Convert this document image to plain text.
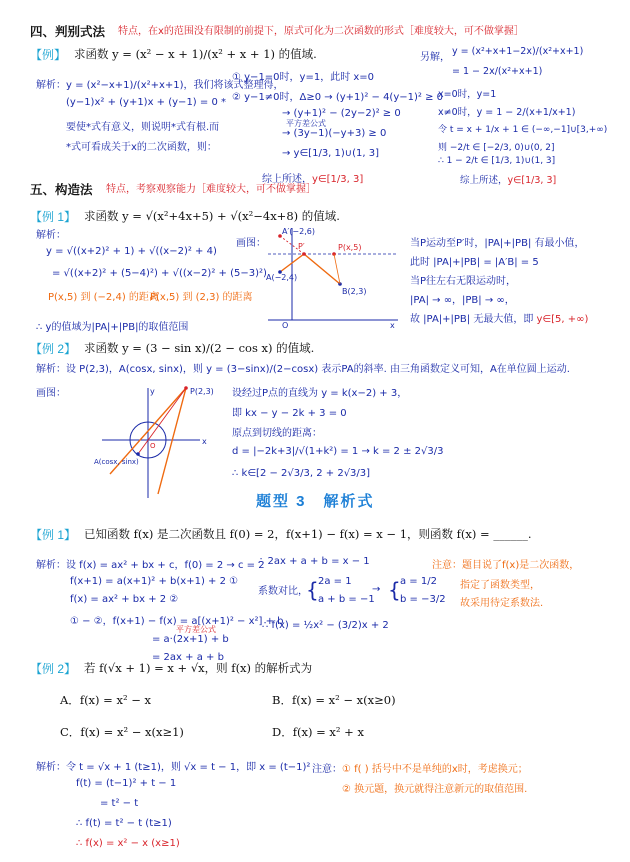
四、判别式法 特点，在x的范围没有限制的前提下，原式可化为二次函数的形式［难度较大，可不做掌握］
【例】 求函数 y = (x² − x + 1)/(x² + x + 1) 的值域.
解析：y = (x²−x+1)/(x²+x+1)，我们将该式整理得，
(y−1)x² + (y+1)x + (y−1) = 0 *
要使*式有意义，则说明*式有根.而
*式可看成关于x的二次函数，则：
① y−1=0时，y=1，此时 x=0
② y−1≠0时，Δ≥0 → (y+1)² − 4(y−1)² ≥ 0
→ (y+1)² − (2y−2)² ≥ 0
→ (3y−1)(−y+3) ≥ 0
→ y∈[1/3, 1)∪(1, 3]
平方差公式
综上所述，y∈[1/3, 3]
另解，
y = (x²+x+1−2x)/(x²+x+1)
= 1 − 2x/(x²+x+1)
x=0时，y=1
x≠0时，y = 1 − 2/(x+1/x+1)
令 t = x + 1/x + 1 ∈ (−∞,−1]∪[3,+∞)
则 −2/t ∈ [−2/3, 0)∪(0, 2]
∴ 1 − 2/t ∈ [1/3, 1)∪(1, 3]
综上所述，y∈[1/3, 3]
五、构造法 特点，考察观察能力［难度较大，可不做掌握］
【例 1】 求函数 y = √(x²+4x+5) + √(x²−4x+8) 的值域.
解析：
y = √((x+2)² + 1) + √((x−2)² + 4)
= √((x+2)² + (5−4)²) + √((x−2)² + (5−3)²)
P(x,5) 到 (−2,4) 的距离
P(x,5) 到 (2,3) 的距离
∴ y的值域为|PA|+|PB|的取值范围
画图：
A′(−2,6)
P′	P(x,5)
A(−2,4)
B(2,3)
O	x
当P运动至P′时，|PA|+|PB| 有最小值，
此时 |PA|+|PB| = |A′B| = 5
当P往左右无限运动时，
|PA| → ∞，|PB| → ∞，
故 |PA|+|PB| 无最大值，即 y∈[5, +∞)
【例 2】 求函数 y = (3 − sin x)/(2 − cos x) 的值域.
解析：设 P(2,3)，A(cosx, sinx)，则 y = (3−sinx)/(2−cosx) 表示PA的斜率. 由三角函数定义可知，A在单位圆上运动.
画图：	P(2,3)
A(cosx, sinx)
O	x
y	设经过P点的直线为 y = k(x−2) + 3，
即 kx − y − 2k + 3 = 0
原点到切线的距离：
d = |−2k+3|/√(1+k²) = 1 → k = 2 ± 2√3/3
∴ k∈[2 − 2√3/3, 2 + 2√3/3]
题型 3　解析式
【例 1】 已知函数 f(x) 是二次函数且 f(0) = 2，f(x+1) − f(x) = x − 1，则函数 f(x) = ______.
解析：设 f(x) = ax² + bx + c，f(0) = 2 → c = 2
f(x+1) = a(x+1)² + b(x+1) + 2 ①
f(x) = ax² + bx + 2 ②
① − ②，f(x+1) − f(x) = a[(x+1)² − x²] + b
平方差公式
= a·(2x+1) + b
= 2ax + a + b
∴ 2ax + a + b = x − 1
系数对比，
{ 2a = 1
a + b = −1
→ { a = 1/2
b = −3/2
∴ f(x) = ½x² − (3/2)x + 2
注意：题目说了f(x)是二次函数，
指定了函数类型，
故采用待定系数法.
【例 2】 若 f(√x + 1) = x + √x，则 f(x) 的解析式为
A．f(x) = x² − x	B．f(x) = x² − x(x≥0)
C．f(x) = x² − x(x≥1)	D．f(x) = x² + x
解析：令 t = √x + 1 (t≥1)，则 √x = t − 1，即 x = (t−1)²
f(t) = (t−1)² + t − 1
= t² − t
∴ f(t) = t² − t (t≥1)
∴ f(x) = x² − x (x≥1)
注意： ① f( ) 括号中不是单纯的x时，考虑换元；
② 换元题，换元就得注意新元的取值范围.
